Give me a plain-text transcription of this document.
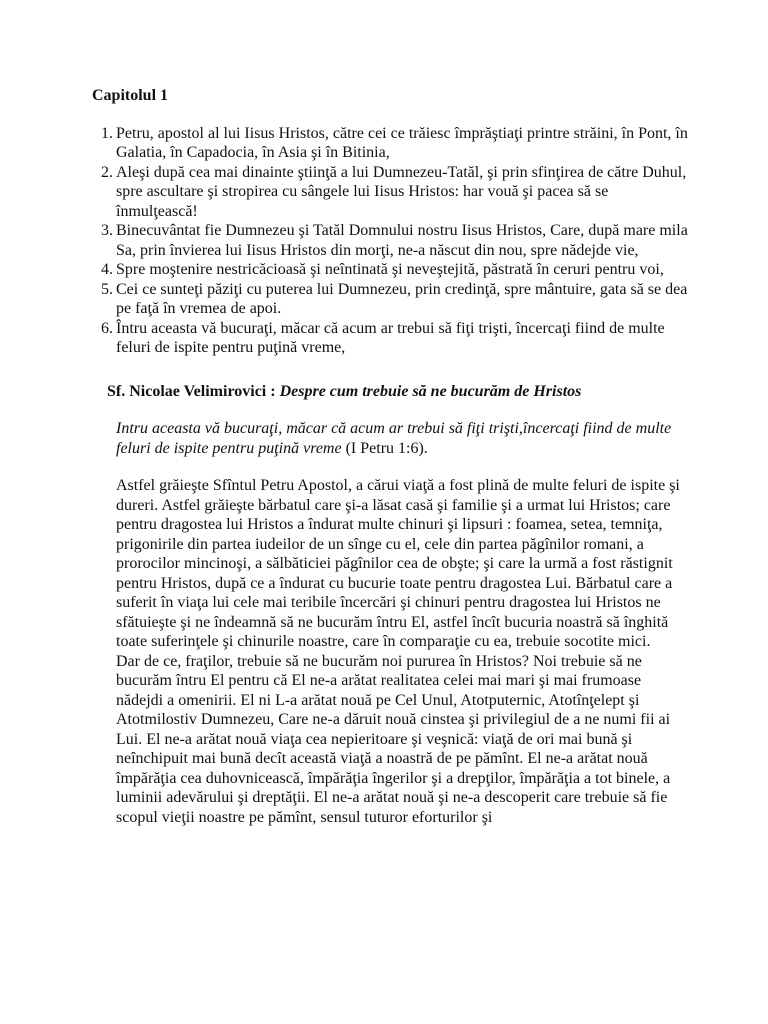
Capitolul 1
1. Petru, apostol al lui Iisus Hristos, către cei ce trăiesc împrăştiaţi printre străini, în Pont, în Galatia, în Capadocia, în Asia şi în Bitinia,
2. Aleşi după cea mai dinainte ştiinţă a lui Dumnezeu-Tatăl, şi prin sfinţirea de către Duhul, spre ascultare şi stropirea cu sângele lui Iisus Hristos: har vouă şi pacea să se înmulţească!
3. Binecuvântat fie Dumnezeu şi Tatăl Domnului nostru Iisus Hristos, Care, după mare mila Sa, prin învierea lui Iisus Hristos din morţi, ne-a născut din nou, spre nădejde vie,
4. Spre moştenire nestricăcioasă şi neîntinată şi neveştejită, păstrată în ceruri pentru voi,
5. Cei ce sunteţi păziţi cu puterea lui Dumnezeu, prin credinţă, spre mântuire, gata să se dea pe faţă în vremea de apoi.
6. Întru aceasta vă bucuraţi, măcar că acum ar trebui să fiţi trişti, încercaţi fiind de multe feluri de ispite pentru puţină vreme,
Sf. Nicolae Velimirovici : Despre cum trebuie să ne bucurăm de Hristos
Intru aceasta vă bucuraţi, măcar că acum ar trebui să fiţi trişti,încercaţi fiind de multe feluri de ispite pentru puţină vreme (I Petru 1:6).
Astfel grăieşte Sfîntul Petru Apostol, a cărui viaţă a fost plină de multe feluri de ispite şi dureri. Astfel grăieşte bărbatul care şi-a lăsat casă şi familie şi a urmat lui Hristos; care pentru dragostea lui Hristos a îndurat multe chinuri şi lipsuri : foamea, setea, temniţa, prigonirile din partea iudeilor de un sînge cu el, cele din partea păgînilor romani, a prorocilor mincinoşi, a sălbăticiei păgînilor cea de obşte; şi care la urmă a fost răstignit pentru Hristos, după ce a îndurat cu bucurie toate pentru dragostea Lui. Bărbatul care a suferit în viaţa lui cele mai teribile încercări şi chinuri pentru dragostea lui Hristos ne sfătuieşte şi ne îndeamnă să ne bucurăm întru El, astfel încît bucuria noastră să înghită toate suferinţele şi chinurile noastre, care în comparaţie cu ea, trebuie socotite mici.
Dar de ce, fraţilor, trebuie să ne bucurăm noi pururea în Hristos? Noi trebuie să ne bucurăm întru El pentru că El ne-a arătat realitatea celei mai mari şi mai frumoase nădejdi a omenirii. El ni L-a arătat nouă pe Cel Unul, Atotputernic, Atotînţelept şi Atotmilostiv Dumnezeu, Care ne-a dăruit nouă cinstea şi privilegiul de a ne numi fii ai Lui. El ne-a arătat nouă viaţa cea nepieritoare şi veşnică: viaţă de ori mai bună şi neînchipuit mai bună decît această viaţă a noastră de pe pămînt. El ne-a arătat nouă împărăţia cea duhovnicească, împărăţia îngerilor şi a drepţilor, împărăţia a tot binele, a luminii adevărului şi dreptăţii. El ne-a arătat nouă şi ne-a descoperit care trebuie să fie scopul vieţii noastre pe pămînt, sensul tuturor eforturilor şi
